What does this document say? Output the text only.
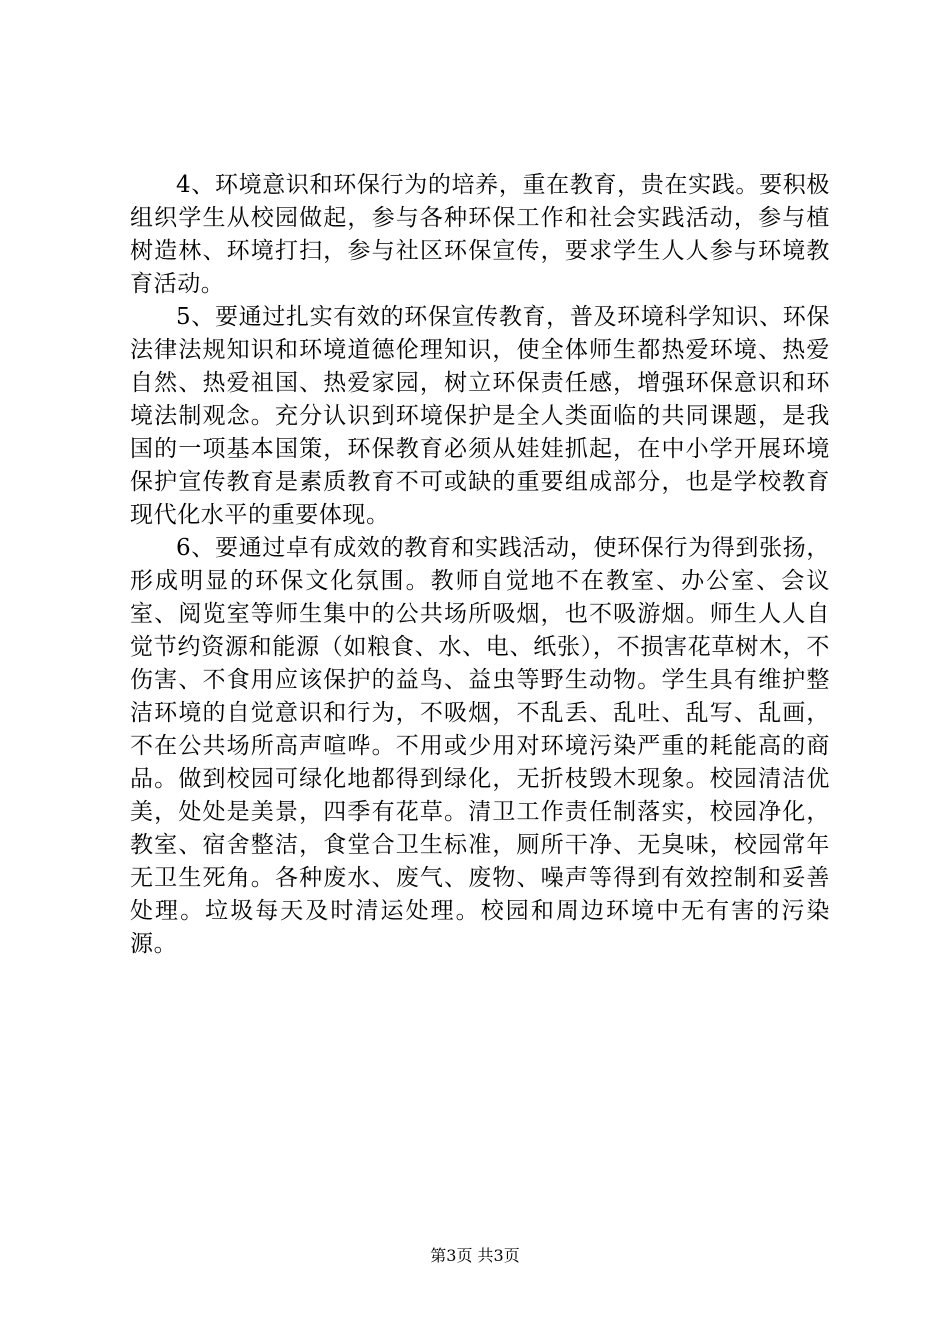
4、环境意识和环保行为的培养，重在教育，贵在实践。要积极组织学生从校园做起，参与各种环保工作和社会实践活动，参与植树造林、环境打扫，参与社区环保宣传，要求学生人人参与环境教育活动。

5、要通过扎实有效的环保宣传教育，普及环境科学知识、环保法律法规知识和环境道德伦理知识，使全体师生都热爱环境、热爱自然、热爱祖国、热爱家园，树立环保责任感，增强环保意识和环境法制观念。充分认识到环境保护是全人类面临的共同课题，是我国的一项基本国策，环保教育必须从娃娃抓起，在中小学开展环境保护宣传教育是素质教育不可或缺的重要组成部分，也是学校教育现代化水平的重要体现。

6、要通过卓有成效的教育和实践活动，使环保行为得到张扬，形成明显的环保文化氛围。教师自觉地不在教室、办公室、会议室、阅览室等师生集中的公共场所吸烟，也不吸游烟。师生人人自觉节约资源和能源（如粮食、水、电、纸张），不损害花草树木，不伤害、不食用应该保护的益鸟、益虫等野生动物。学生具有维护整洁环境的自觉意识和行为，不吸烟，不乱丢、乱吐、乱写、乱画，不在公共场所高声喧哗。不用或少用对环境污染严重的耗能高的商品。做到校园可绿化地都得到绿化，无折枝毁木现象。校园清洁优美，处处是美景，四季有花草。清卫工作责任制落实，校园净化，教室、宿舍整洁，食堂合卫生标准，厕所干净、无臭味，校园常年无卫生死角。各种废水、废气、废物、噪声等得到有效控制和妥善处理。垃圾每天及时清运处理。校园和周边环境中无有害的污染源。

第3页 共3页
